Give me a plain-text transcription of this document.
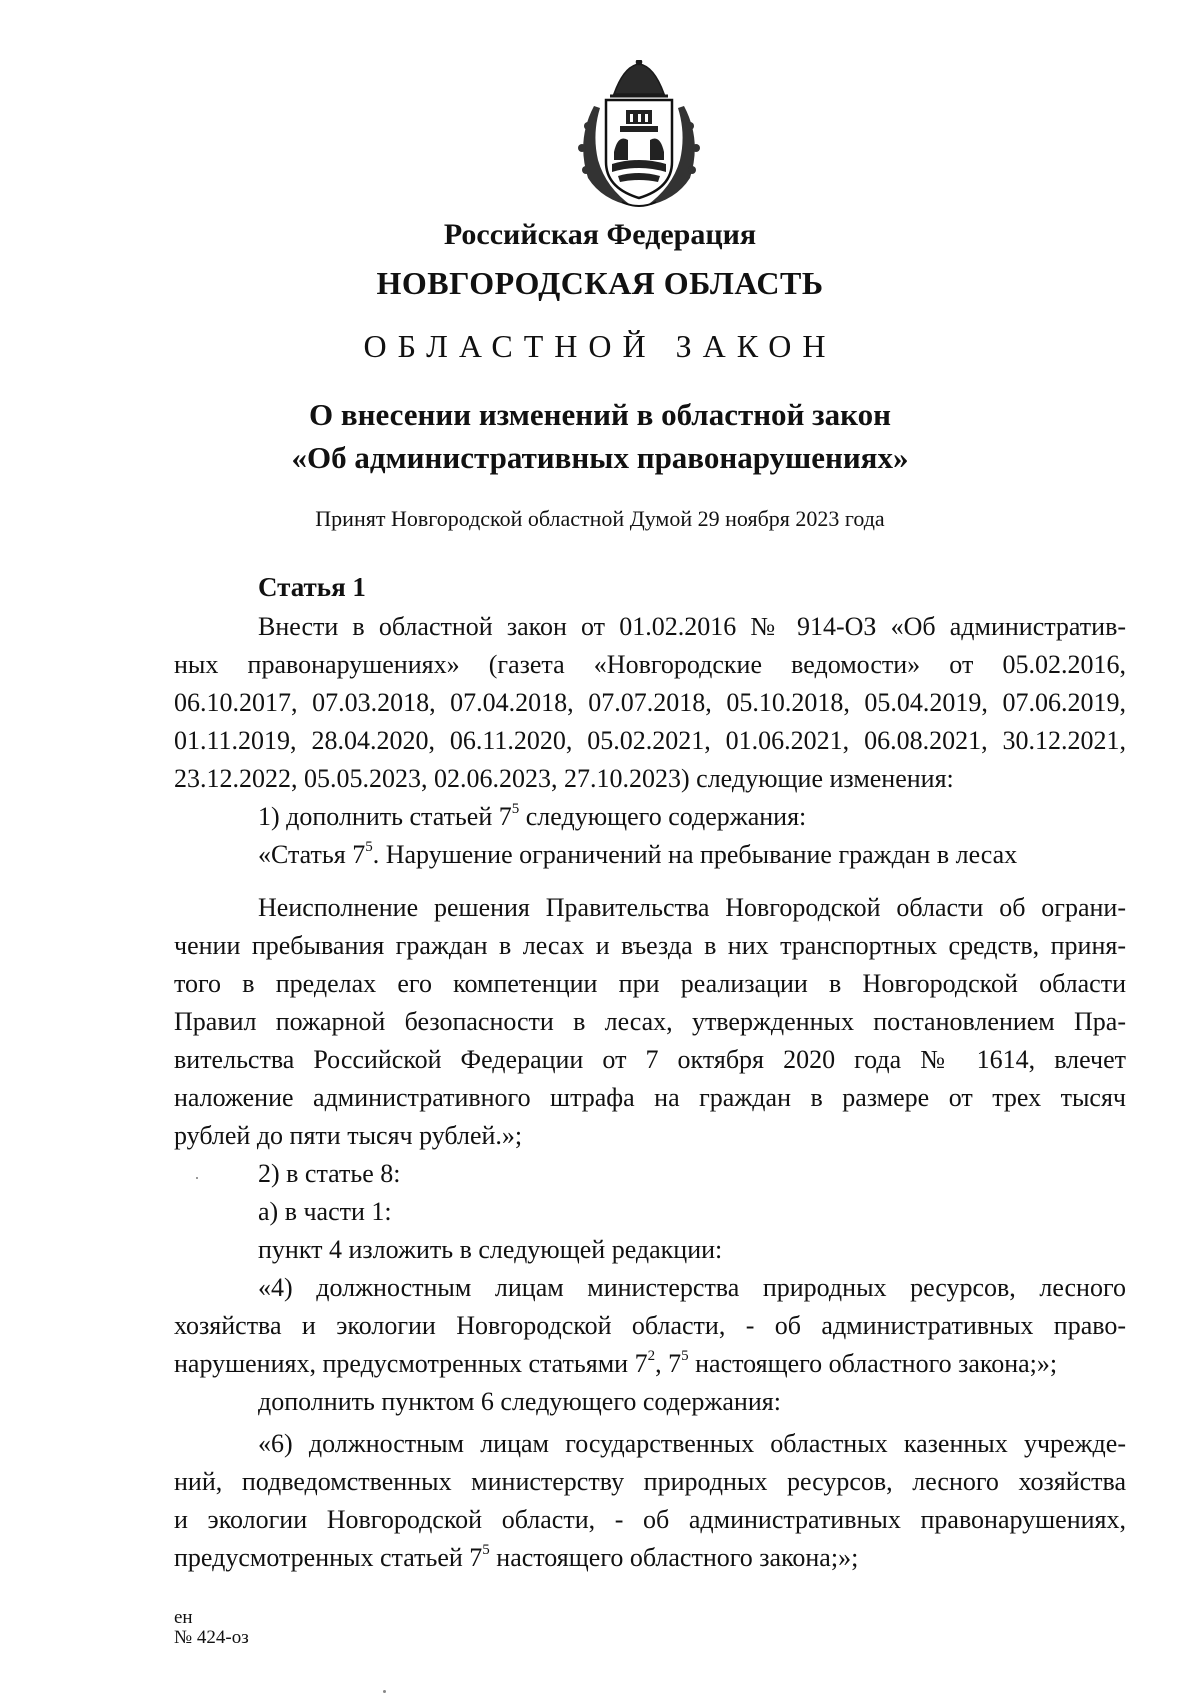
Российская Федерация
НОВГОРОДСКАЯ ОБЛАСТЬ
ОБЛАСТНОЙ ЗАКОН
О внесении изменений в областной закон
«Об административных правонарушениях»
Принят Новгородской областной Думой 29 ноября 2023 года
Статья 1

Внести в областной закон от 01.02.2016 № 914-ОЗ «Об административ-

ных правонарушениях» (газета «Новгородские ведомости» от 05.02.2016,

06.10.2017, 07.03.2018, 07.04.2018, 07.07.2018, 05.10.2018, 05.04.2019, 07.06.2019,

01.11.2019, 28.04.2020, 06.11.2020, 05.02.2021, 01.06.2021, 06.08.2021, 30.12.2021,

23.12.2022, 05.05.2023, 02.06.2023, 27.10.2023) следующие изменения:

1) дополнить статьей $7^5$ следующего содержания:

«Статья $7^5$. Нарушение ограничений на пребывание граждан в лесах

Неисполнение решения Правительства Новгородской области об ограни-

чении пребывания граждан в лесах и въезда в них транспортных средств, приня-

того в пределах его компетенции при реализации в Новгородской области

Правил пожарной безопасности в лесах, утвержденных постановлением Пра-

вительства Российской Федерации от 7 октября 2020 года № 1614, влечет

наложение административного штрафа на граждан в размере от трех тысяч

рублей до пяти тысяч рублей.»;

2) в статье 8:

а) в части 1:

пункт 4 изложить в следующей редакции:

«4) должностным лицам министерства природных ресурсов, лесного

хозяйства и экологии Новгородской области, - об административных право-

нарушениях, предусмотренных статьями $7^2$, $7^5$ настоящего областного закона;»;

дополнить пунктом 6 следующего содержания:

«6) должностным лицам государственных областных казенных учрежде-

ний, подведомственных министерству природных ресурсов, лесного хозяйства

и экологии Новгородской области, - об административных правонарушениях,

предусмотренных статьей $7^5$ настоящего областного закона;»;

ен
№ 424-оз
